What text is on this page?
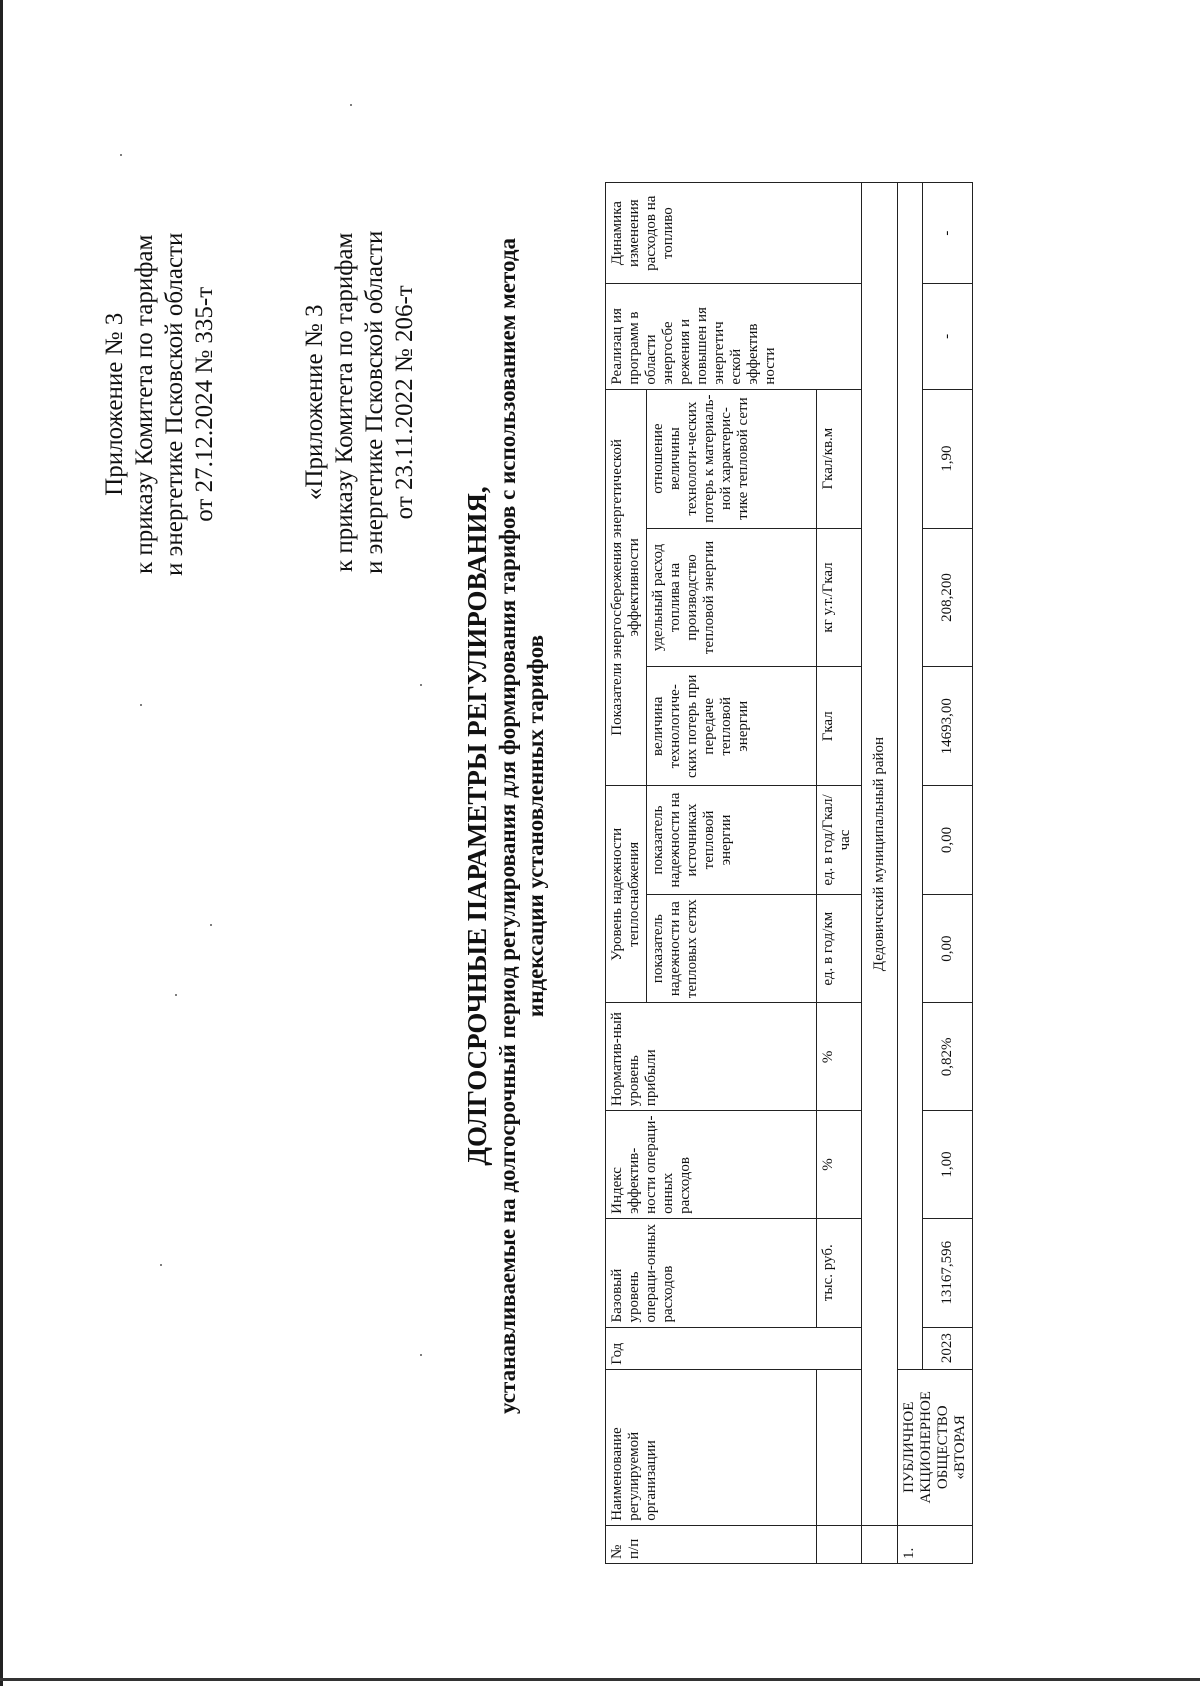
Приложение № 3 к приказу Комитета по тарифам и энергетике Псковской области от 27.12.2024 № 335-т	«Приложение № 3 к приказу Комитета по тарифам и энергетике Псковской области от 23.11.2022 № 206-т
ДОЛГОСРОЧНЫЕ ПАРАМЕТРЫ РЕГУЛИРОВАНИЯ, устанавливаемые на долгосрочный период регулирования для формирования тарифов с использованием метода индексации установленных тарифов
№ п/п	Наименование регулируемой организации	Год	Базовый уровень операци-онных расходов	Индекс эффектив-ности операци-онных расходов	Норматив-ный уровень прибыли	Уровень надежности теплоснабжения		Показатели энергосбережения энергетической эффективности			Реализац ия программ в области энергосбе режения и повышен ия энергетич еской эффектив ности	Динамика изменения расходов на топливо	
						показатель надежности на тепловых сетях	показатель надежности на источниках тепловой энергии	величина технологиче-ских потерь при передаче тепловой энергии	удельный расход топлива на производство тепловой энергии	отношение величины технологи-ческих потерь к материаль-ной характерис-тике тепловой сети			
			тыс. руб.	%	%	ед. в год/км	ед. в год/Гкал/ час	Гкал	кг у.т./Гкал	Гкал/кв.м			
	Дедовичский муниципальный район												
1.	ПУБЛИЧНОЕ АКЦИОНЕРНОЕ ОБЩЕСТВО «ВТОРАЯ												
		2023	13167,596	1,00	0,82%	0,00	0,00	14693,00	208,200	1,90	-	-	
